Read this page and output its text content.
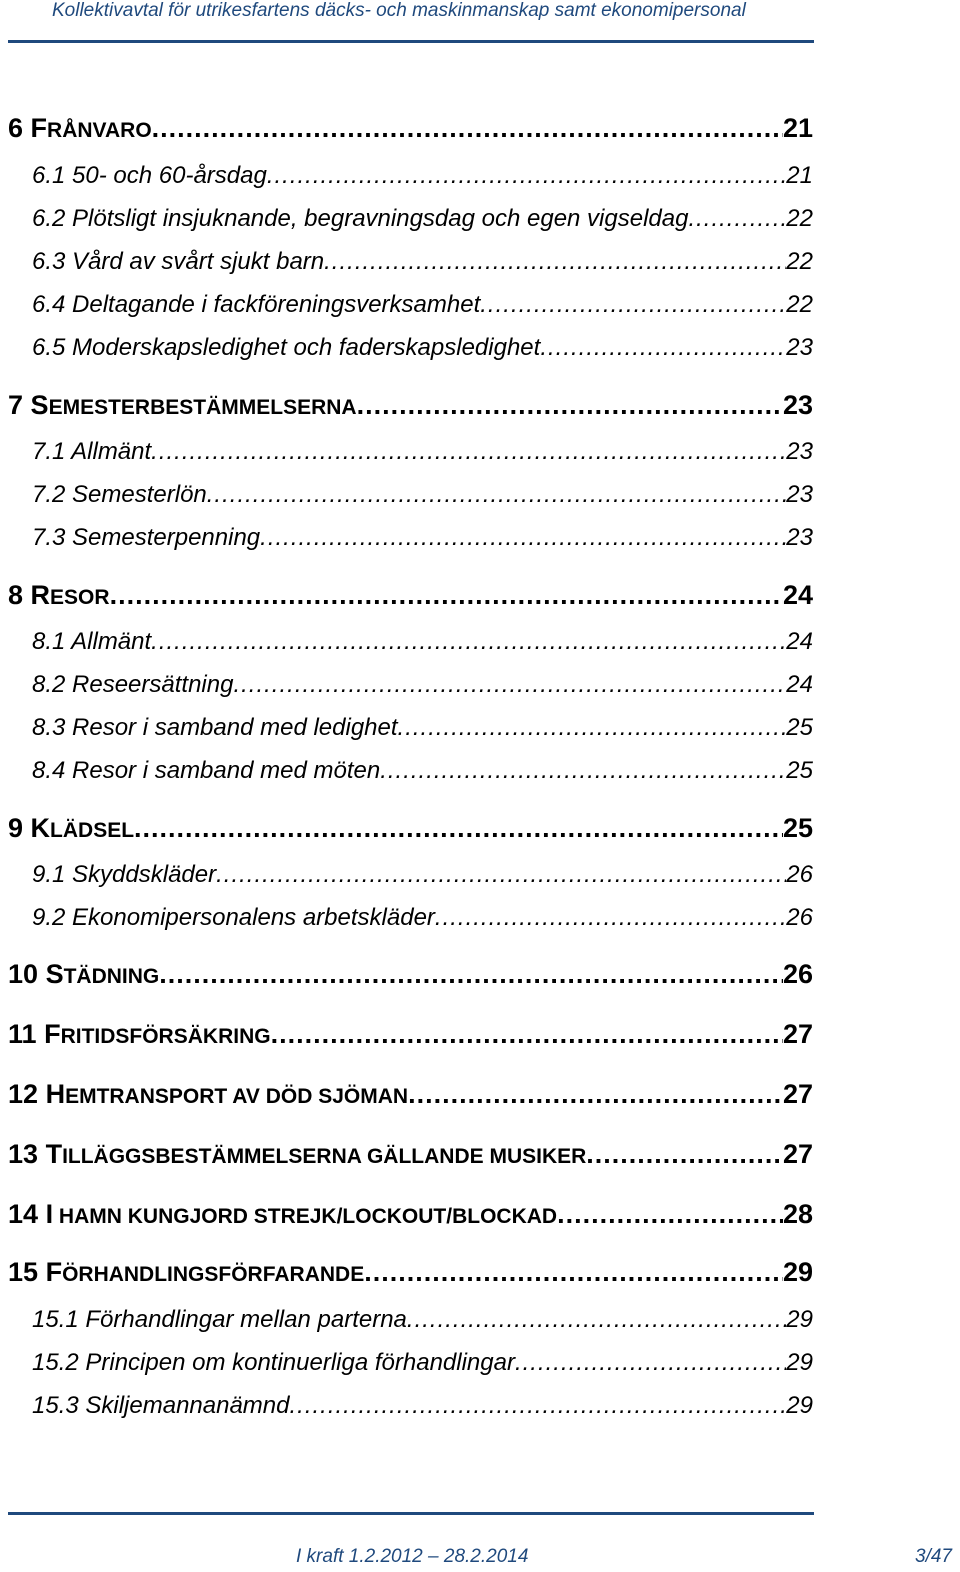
Kollektivavtal för utrikesfartens däcks- och maskinmanskap samt ekonomipersonal
6 FRÅNVARO .....	21
6.1 50- och 60-årsdag .....	21
6.2 Plötsligt insjuknande, begravningsdag och egen vigseldag .....	22
6.3 Vård av svårt sjukt barn .....	22
6.4 Deltagande i fackföreningsverksamhet .....	22
6.5 Moderskapsledighet och faderskapsledighet .....	23
7 SEMESTERBESTÄMMELSERNA .....	23
7.1 Allmänt .....	23
7.2 Semesterlön .....	23
7.3 Semesterpenning .....	23
8 RESOR .....	24
8.1 Allmänt .....	24
8.2 Reseersättning .....	24
8.3 Resor i samband med ledighet .....	25
8.4 Resor i samband med möten .....	25
9 KLÄDSEL .....	25
9.1 Skyddskläder .....	26
9.2 Ekonomipersonalens arbetskläder .....	26
10 STÄDNING .....	26
11 FRITIDSFÖRSÄKRING .....	27
12 HEMTRANSPORT AV DÖD SJÖMAN .....	27
13 TILLÄGGSBESTÄMMELSERNA GÄLLANDE MUSIKER .....	27
14 I HAMN KUNGJORD STREJK/LOCKOUT/BLOCKAD .....	28
15 FÖRHANDLINGSFÖRFARANDE .....	29
15.1 Förhandlingar mellan parterna .....	29
15.2 Principen om kontinuerliga förhandlingar .....	29
15.3 Skiljemannanämnd .....	29
I kraft 1.2.2012 – 28.2.2014	3/47
